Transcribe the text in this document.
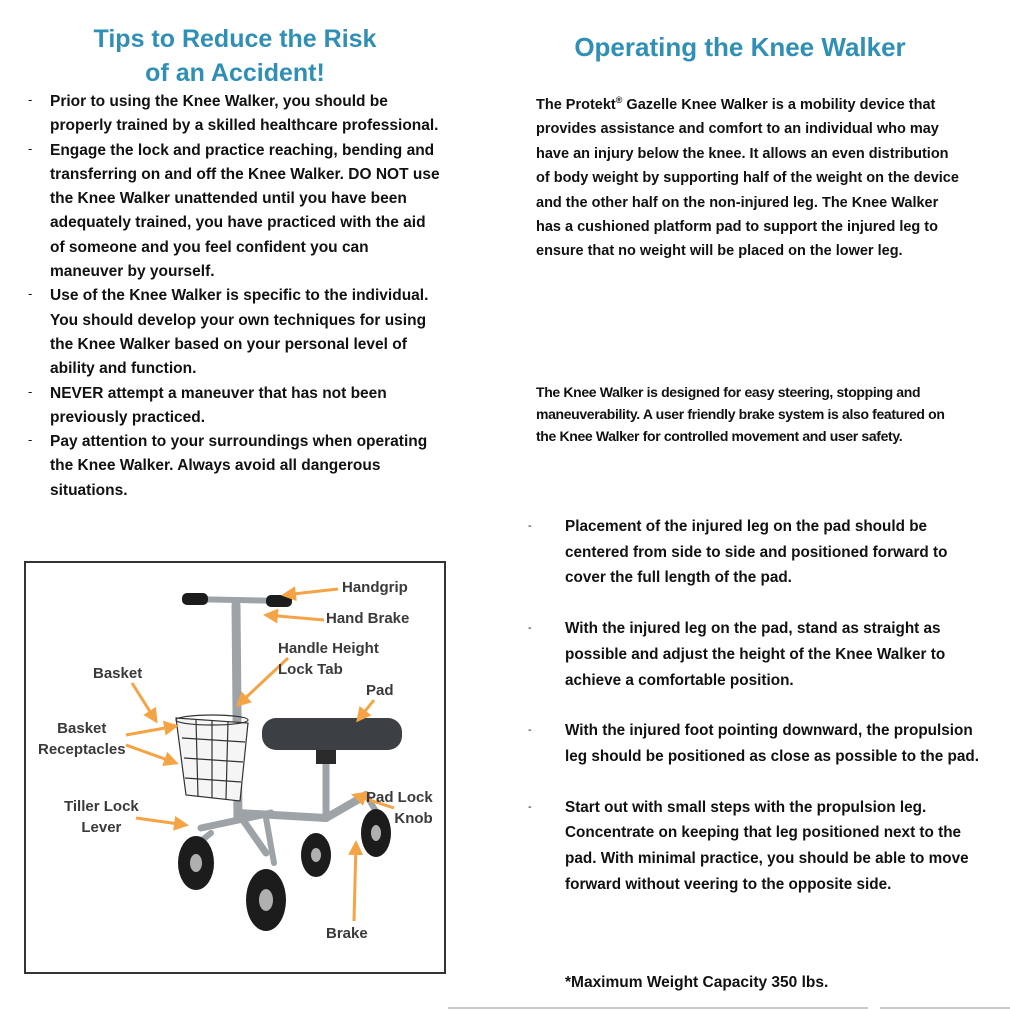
Tips to Reduce the Risk
of an Accident!
- Prior to using the Knee Walker, you should be properly trained by a skilled healthcare professional.
- Engage the lock and practice reaching, bending and transferring on and off the Knee Walker. DO NOT use the Knee Walker unattended until you have been adequately trained, you have practiced with the aid of someone and you feel confident you can maneuver by yourself.
- Use of the Knee Walker is specific to the individual. You should develop your own techniques for using the Knee Walker based on your personal level of ability and function.
- NEVER attempt a maneuver that has not been previously practiced.
- Pay attention to your surroundings when operating the Knee Walker. Always avoid all dangerous situations.
Handgrip
Hand Brake
Handle Height
Lock Tab
Pad
Basket
Basket
Receptacles
Tiller Lock
Lever
Pad Lock
Knob
Brake
Operating the Knee Walker
The Protekt® Gazelle Knee Walker is a mobility device that provides assistance and comfort to an individual who may have an injury below the knee. It allows an even distribution of body weight by supporting half of the weight on the device and the other half on the non-injured leg. The Knee Walker has a cushioned platform pad to support the injured leg to ensure that no weight will be placed on the lower leg.
The Knee Walker is designed for easy steering, stopping and maneuverability. A user friendly brake system is also featured on the Knee Walker for controlled movement and user safety.
- Placement of the injured leg on the pad should be centered from side to side and positioned forward to cover the full length of the pad.
- With the injured leg on the pad, stand as straight as possible and adjust the height of the Knee Walker to achieve a comfortable position.
- With the injured foot pointing downward, the propulsion leg should be positioned as close as possible to the pad.
- Start out with small steps with the propulsion leg. Concentrate on keeping that leg positioned next to the pad. With minimal practice, you should be able to move forward without veering to the opposite side.
*Maximum Weight Capacity 350 lbs.
